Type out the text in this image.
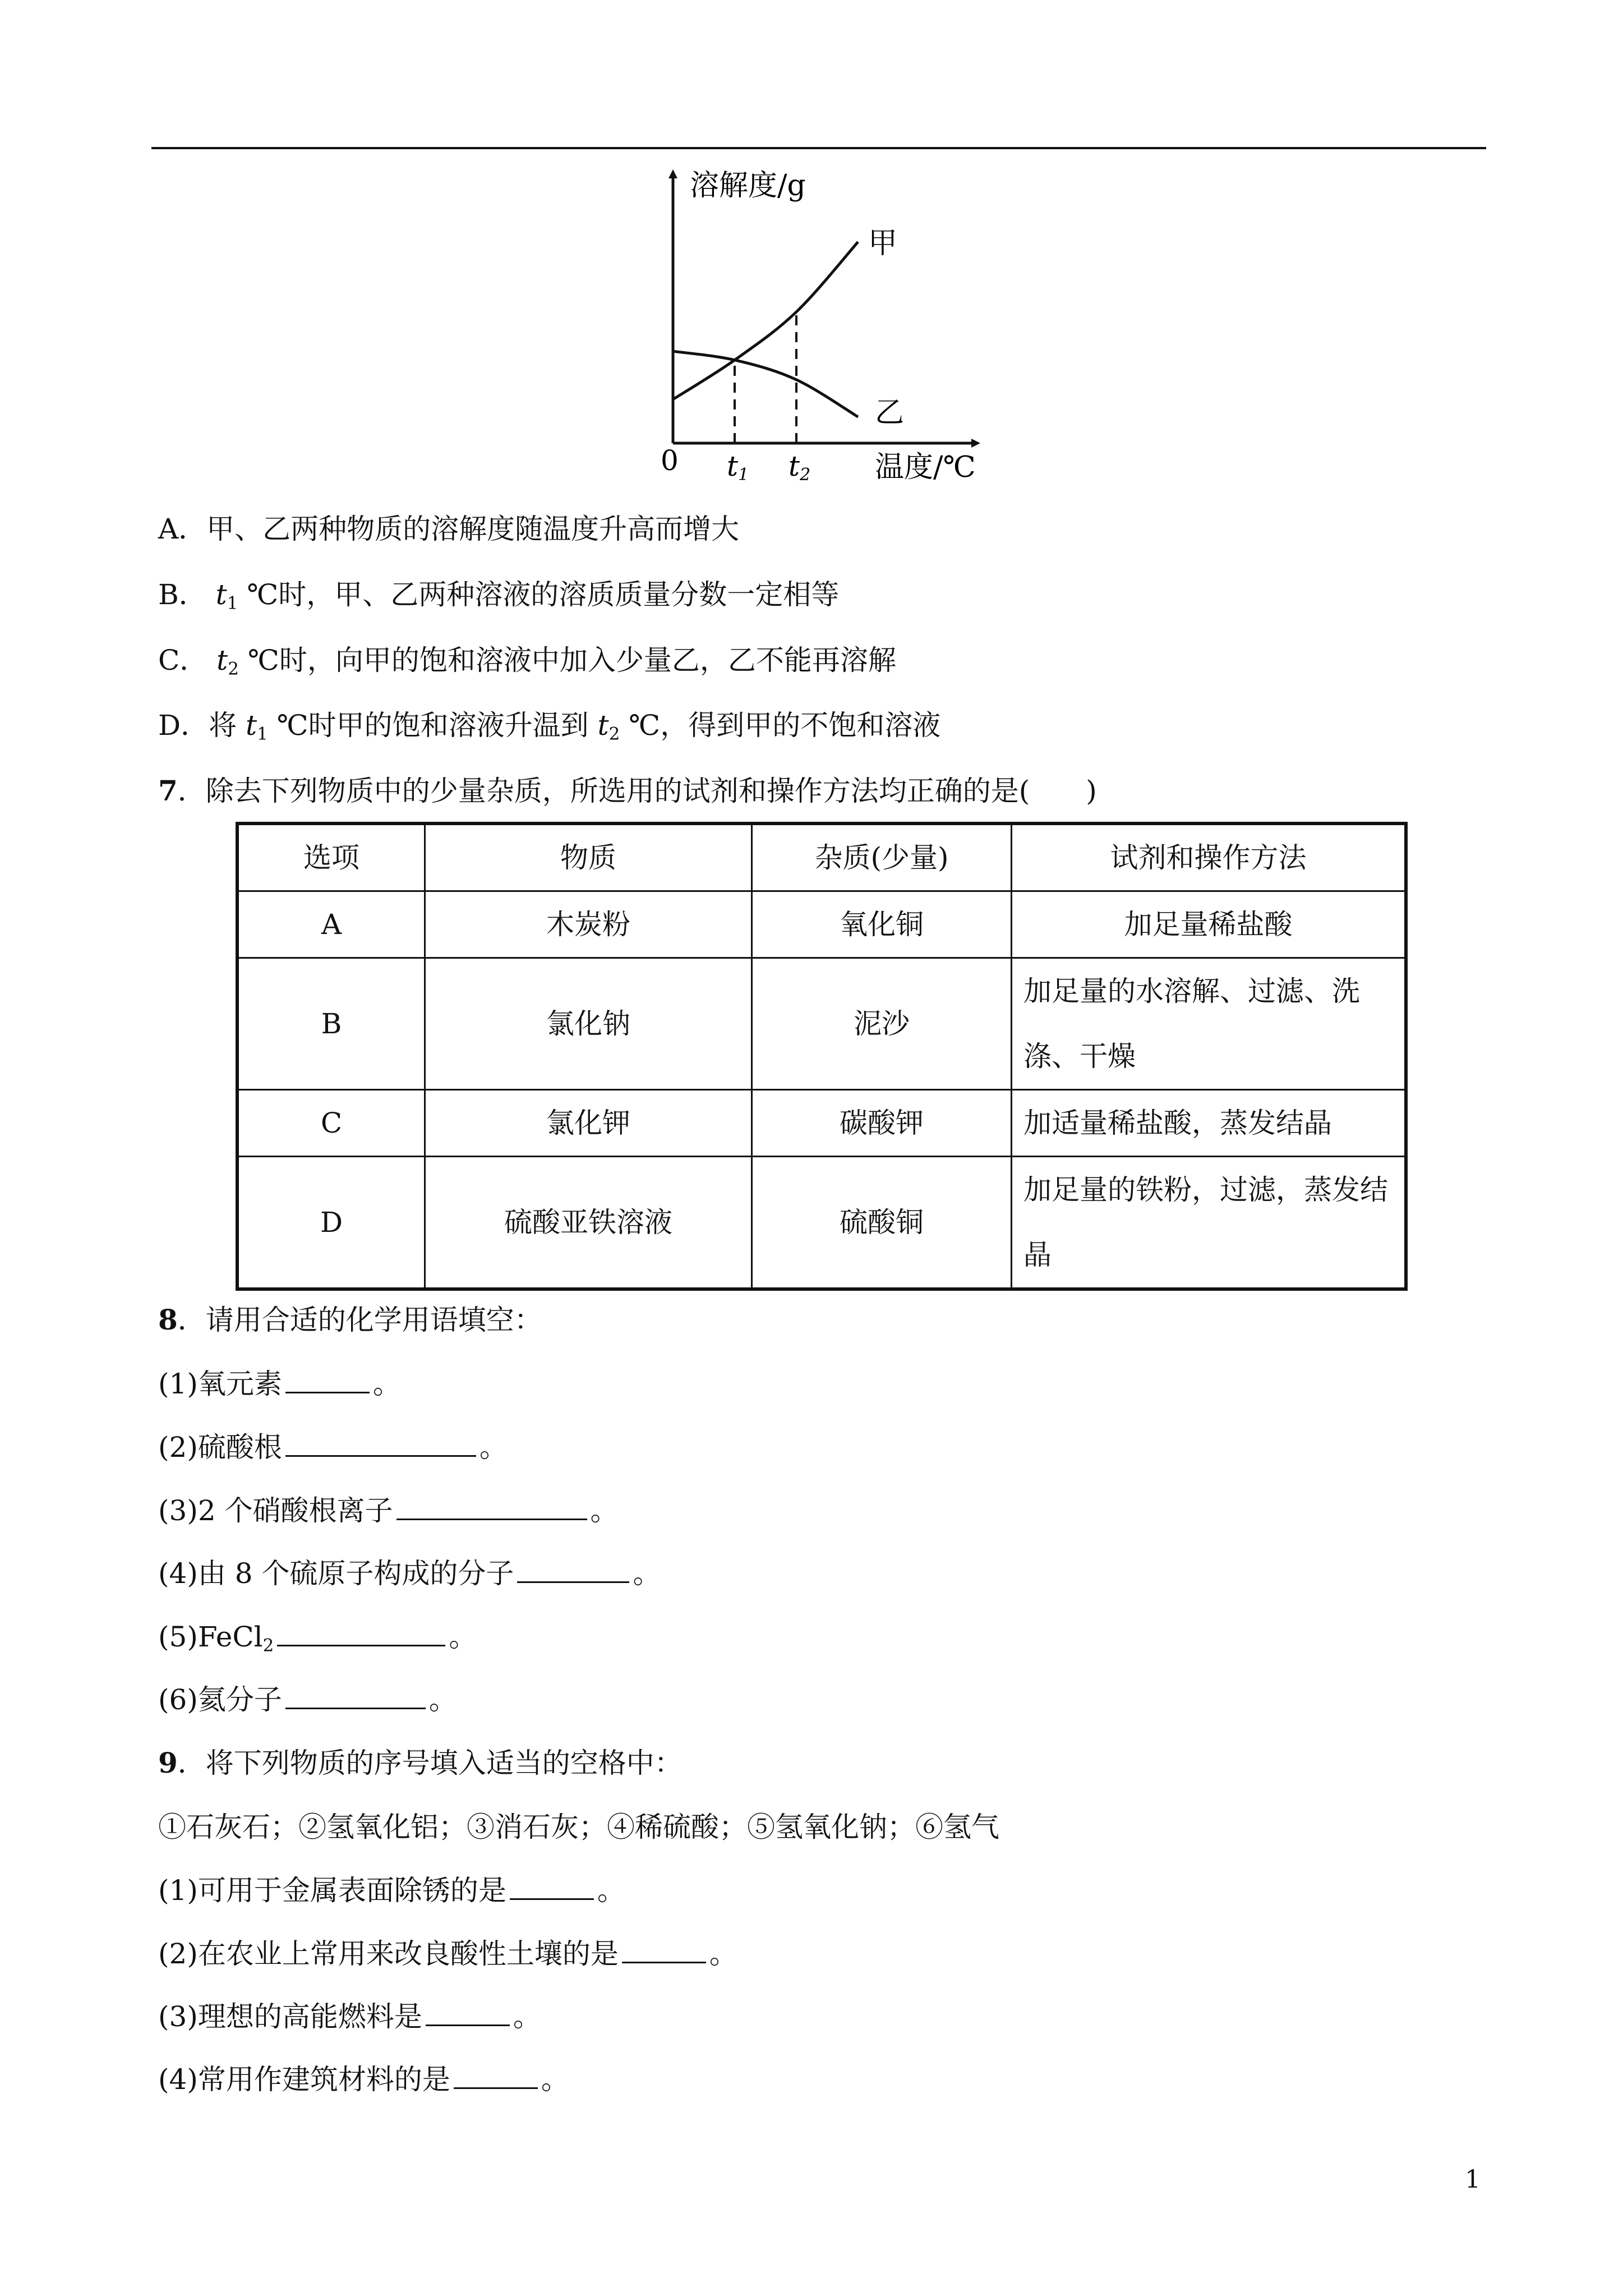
溶解度/g
温度/℃
0 t1 t2
甲
乙
A．甲、乙两种物质的溶解度随温度升高而增大
B． $t_1$ ℃时，甲、乙两种溶液的溶质质量分数一定相等
C． $t_2$ ℃时，向甲的饱和溶液中加入少量乙，乙不能再溶解
D．将 $t_1$ ℃时甲的饱和溶液升温到 $t_2$ ℃，得到甲的不饱和溶液
7．除去下列物质中的少量杂质，所选用的试剂和操作方法均正确的是(　　)
选项	物质	杂质(少量)	试剂和操作方法
A	木炭粉	氧化铜	加足量稀盐酸
B	氯化钠	泥沙	加足量的水溶解、过滤、洗涤、干燥
C	氯化钾	碳酸钾	加适量稀盐酸，蒸发结晶
D	硫酸亚铁溶液	硫酸铜	加足量的铁粉，过滤，蒸发结晶
8．请用合适的化学用语填空：
(1)氧元素	。
(2)硫酸根	。
(3)2 个硝酸根离子	。
(4)由 8 个硫原子构成的分子	。
(5)FeCl$_2$	。
(6)氦分子	。
9．将下列物质的序号填入适当的空格中：
①石灰石；②氢氧化铝；③消石灰；④稀硫酸；⑤氢氧化钠；⑥氢气
(1)可用于金属表面除锈的是	。
(2)在农业上常用来改良酸性土壤的是	。
(3)理想的高能燃料是	。
(4)常用作建筑材料的是	。
1
